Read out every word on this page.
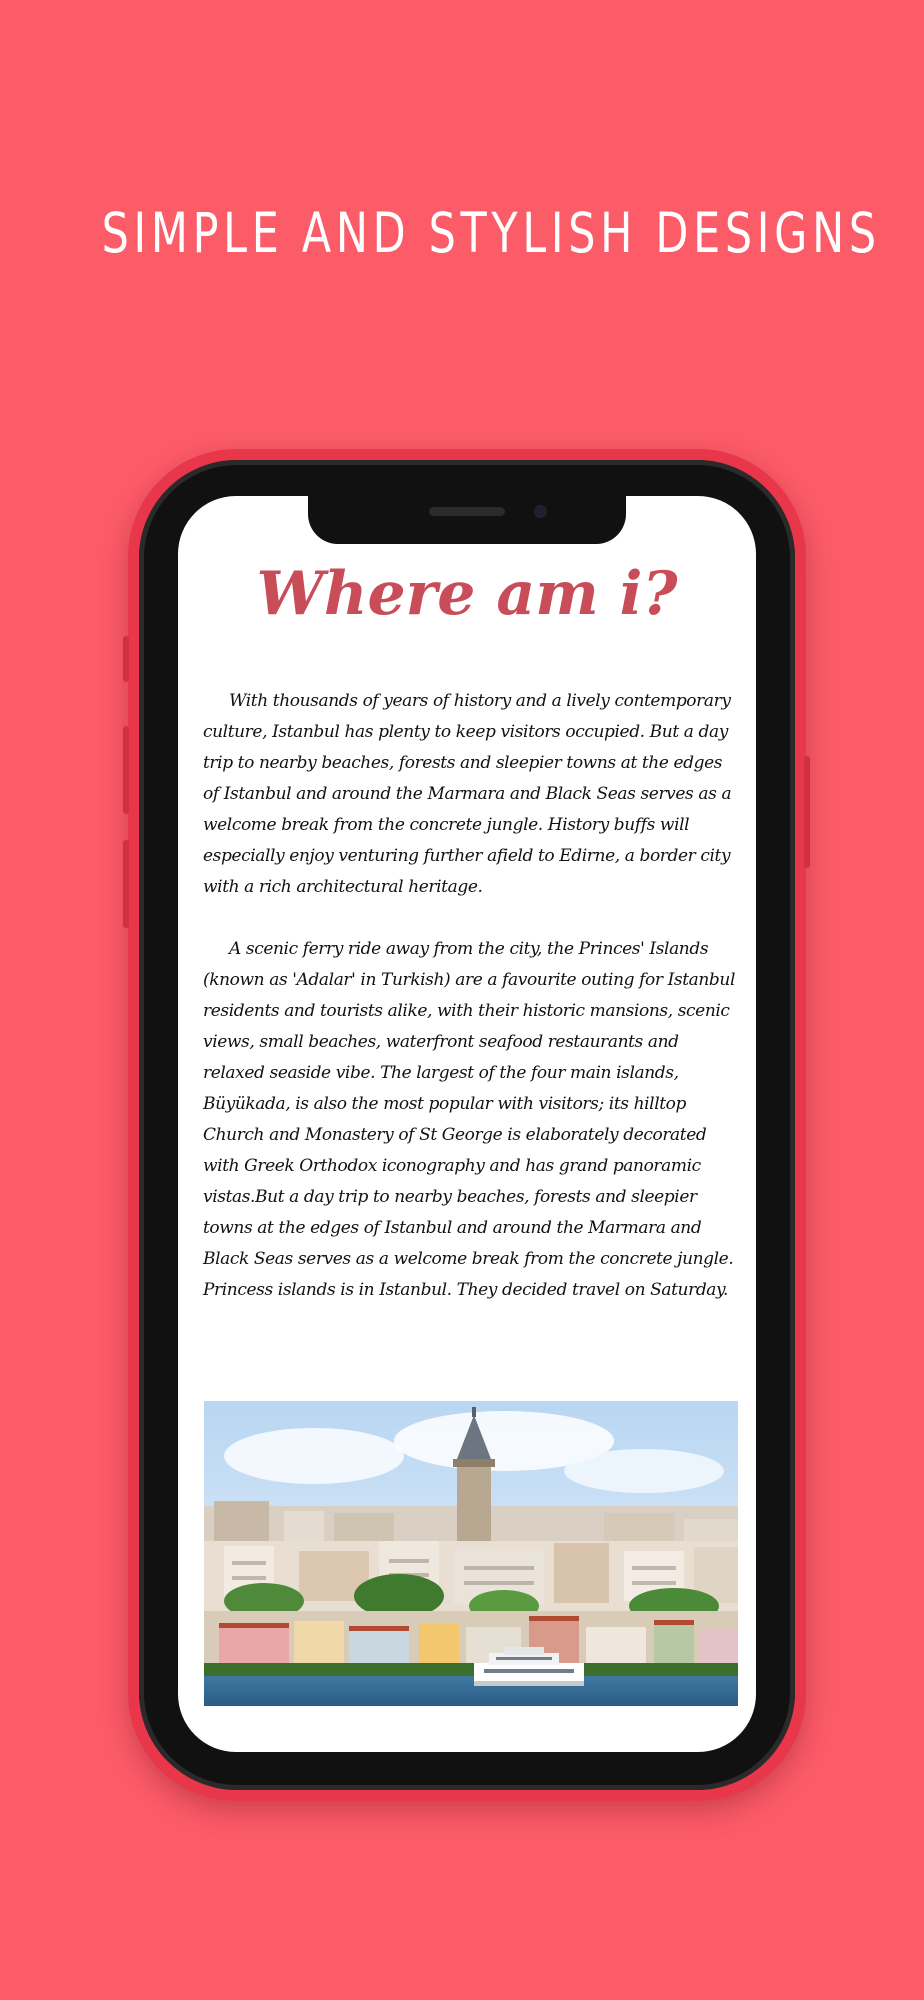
SIMPLE AND STYLISH DESIGNS
Where am i?

With thousands of years of history and a lively contemporary culture, Istanbul has plenty to keep visitors occupied. But a day trip to nearby beaches, forests and sleepier towns at the edges of Istanbul and around the Marmara and Black Seas serves as a welcome break from the concrete jungle. History buffs will especially enjoy venturing further afield to Edirne, a border city with a rich architectural heritage.

A scenic ferry ride away from the city, the Princes' Islands (known as 'Adalar' in Turkish) are a favourite outing for Istanbul residents and tourists alike, with their historic mansions, scenic views, small beaches, waterfront seafood restaurants and relaxed seaside vibe. The largest of the four main islands, Büyükada, is also the most popular with visitors; its hilltop Church and Monastery of St George is elaborately decorated with Greek Orthodox iconography and has grand panoramic vistas.But a day trip to nearby beaches, forests and sleepier towns at the edges of Istanbul and around the Marmara and Black Seas serves as a welcome break from the concrete jungle. Princess islands is in Istanbul. They decided travel on Saturday.
